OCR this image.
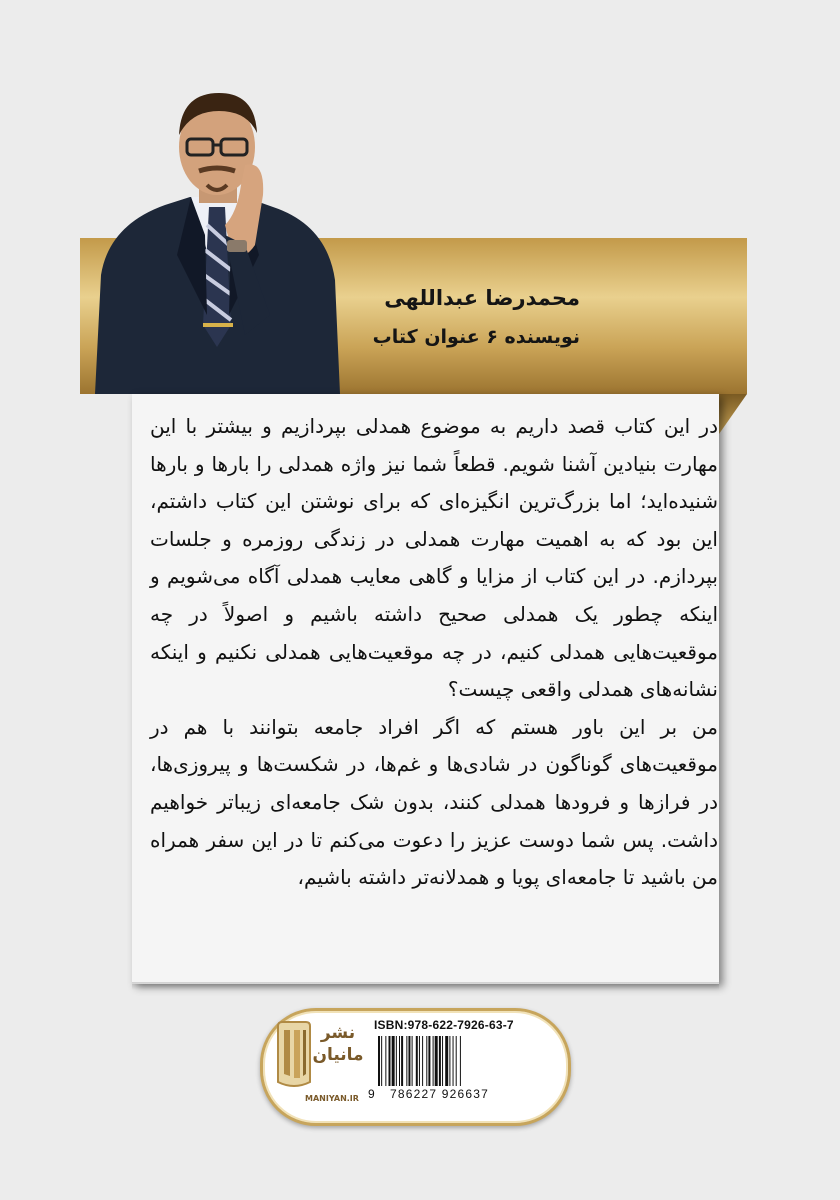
محمدرضا عبداللهی
نویسنده ۶ عنوان کتاب

در این کتاب قصد داریم به موضوع همدلی بپردازیم و بیشتر با این مهارت بنیادین آشنا شویم. قطعاً شما نیز واژه همدلی را بارها و بارها شنیده‌اید؛ اما بزرگ‌ترین انگیزه‌ای که برای نوشتن این کتاب داشتم، این بود که به اهمیت مهارت همدلی در زندگی روزمره و جلسات بپردازم. در این کتاب از مزایا و گاهی معایب همدلی آگاه می‌شویم و اینکه چطور یک همدلی صحیح داشته باشیم و اصولاً در چه موقعیت‌هایی همدلی کنیم، در چه موقعیت‌هایی همدلی نکنیم و اینکه نشانه‌های همدلی واقعی چیست؟

من بر این باور هستم که اگر افراد جامعه بتوانند با هم در موقعیت‌های گوناگون در شادی‌ها و غم‌ها، در شکست‌ها و پیروزی‌ها، در فرازها و فرودها همدلی کنند، بدون شک جامعه‌ای زیباتر خواهیم داشت. پس شما دوست عزیز را دعوت می‌کنم تا در این سفر همراه من باشید تا جامعه‌ای پویا و همدلانه‌تر داشته باشیم،

نشر
مانیان
MANIYAN.IR
ISBN:978-622-7926-63-7
9	786227 926637
